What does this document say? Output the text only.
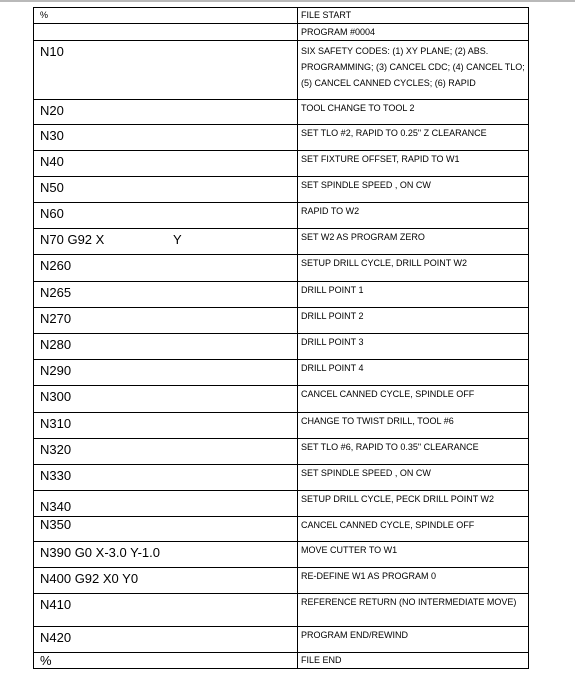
%	FILE START
	PROGRAM #0004
N10	SIX SAFETY CODES: (1) XY PLANE; (2) ABS. PROGRAMMING; (3) CANCEL CDC; (4) CANCEL TLO; (5) CANCEL CANNED CYCLES; (6) RAPID
N20	TOOL CHANGE TO TOOL 2
N30	SET TLO #2, RAPID TO 0.25" Z CLEARANCE
N40	SET FIXTURE OFFSET, RAPID TO W1
N50	SET SPINDLE SPEED , ON CW
N60	RAPID TO W2

N70 G92 X Y	SET W2 AS PROGRAM ZERO
N260	SETUP DRILL CYCLE, DRILL POINT W2
N265	DRILL POINT 1
N270	DRILL POINT 2
N280	DRILL POINT 3
N290	DRILL POINT 4
N300	CANCEL CANNED CYCLE, SPINDLE OFF
N310	CHANGE TO TWIST DRILL, TOOL #6
N320	SET TLO #6, RAPID TO 0.35" CLEARANCE
N330	SET SPINDLE SPEED , ON CW
N340	SETUP DRILL CYCLE, PECK DRILL POINT W2
N350	CANCEL CANNED CYCLE, SPINDLE OFF
N390 G0 X-3.0 Y-1.0	MOVE CUTTER TO W1
N400 G92 X0 Y0	RE-DEFINE W1 AS PROGRAM 0
N410	REFERENCE RETURN (NO INTERMEDIATE MOVE)
N420	PROGRAM END/REWIND
%	FILE END
